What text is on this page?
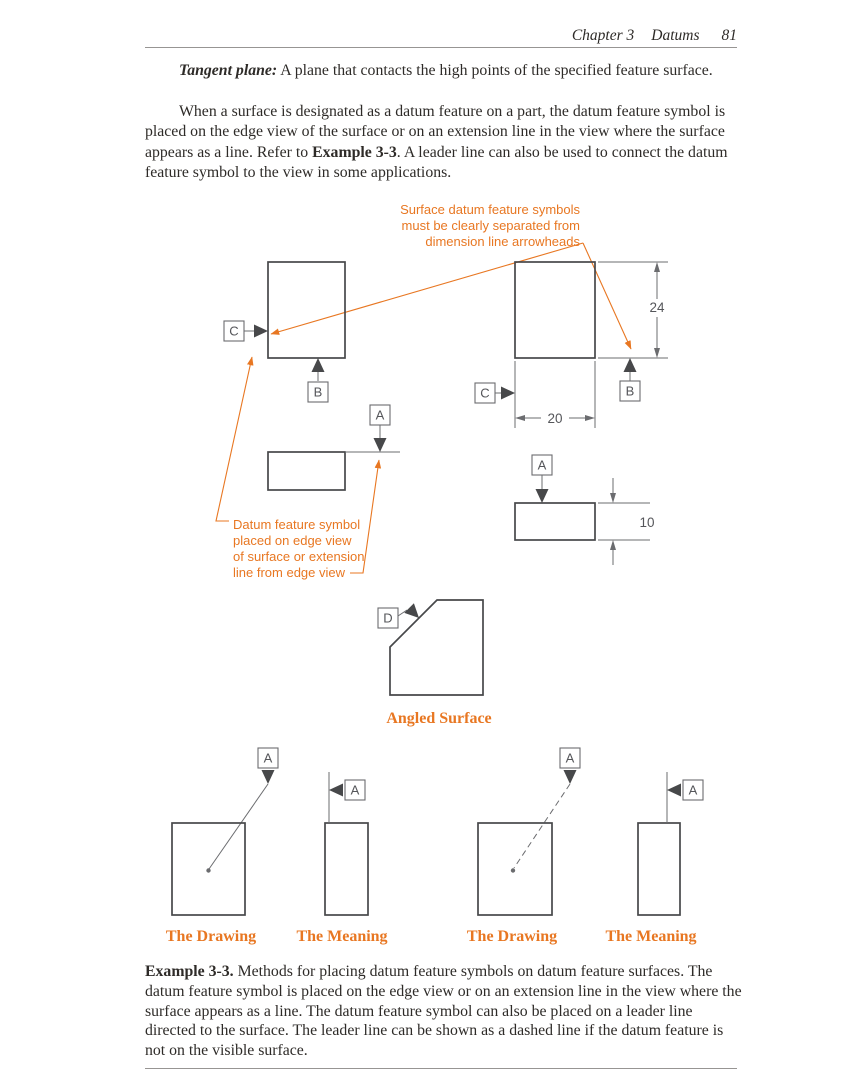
Chapter 3 Datums 81

Tangent plane: A plane that contacts the high points of the specified feature surface.

When a surface is designated as a datum feature on a part, the datum feature symbol is placed on the edge view of the surface or on an extension line in the view where the surface appears as a line. Refer to Example 3-3. A leader line can also be used to connect the datum feature symbol to the view in some applications.

Surface datum feature symbols
must be clearly separated from
dimension line arrowheads
Datum feature symbol
placed on edge view
of surface or extension
line from edge view
C
B
A
24
B
C
20
A
10
D
Angled Surface
A
A
The Drawing	The Meaning
A
A
The Drawing	The Meaning

Example 3-3. Methods for placing datum feature symbols on datum feature surfaces. The datum feature symbol is placed on the edge view or on an extension line in the view where the surface appears as a line. The datum feature symbol can also be placed on a leader line directed to the surface. The leader line can be shown as a dashed line if the datum feature is not on the visible surface.
